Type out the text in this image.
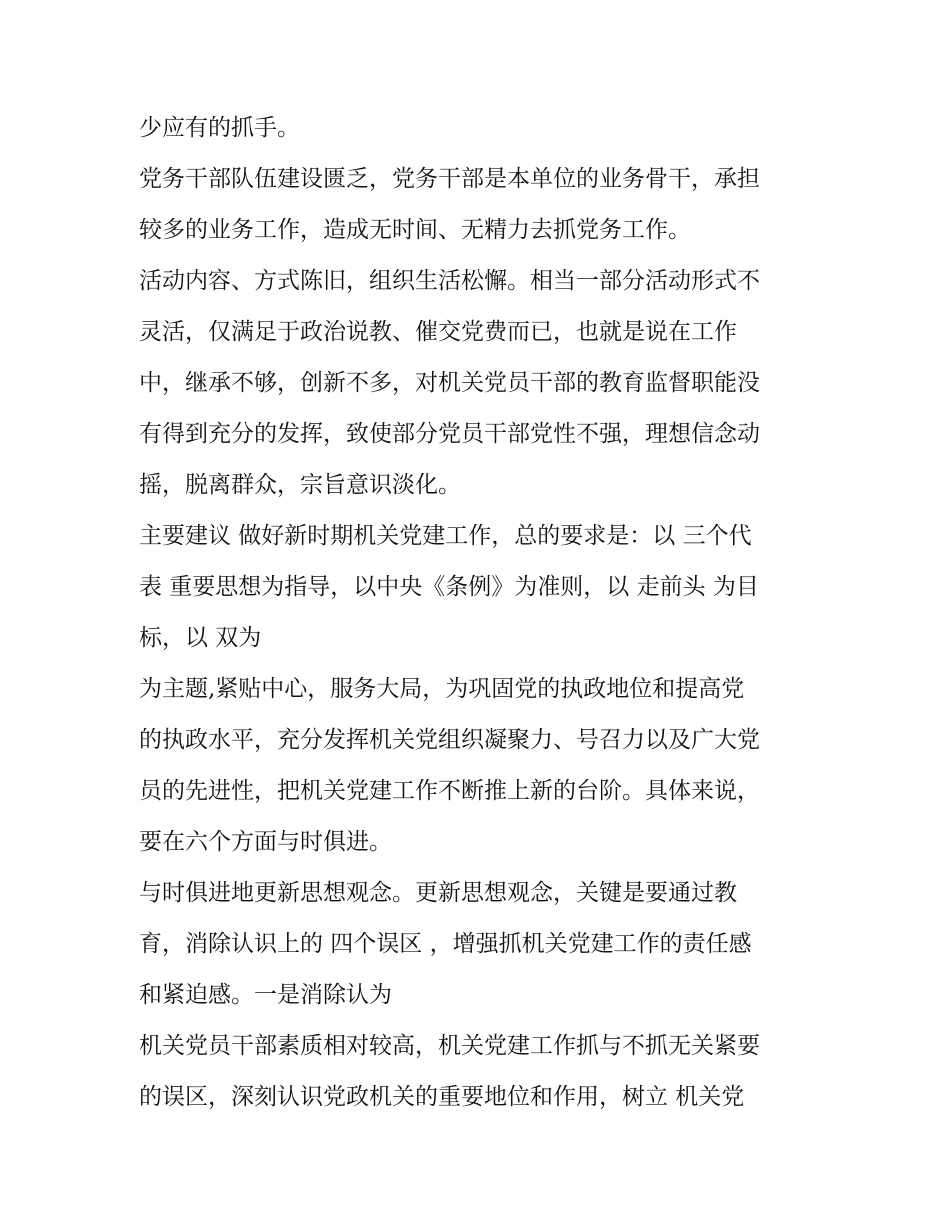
少应有的抓手。
党务干部队伍建设匮乏，党务干部是本单位的业务骨干，承担
较多的业务工作，造成无时间、无精力去抓党务工作。
活动内容、方式陈旧，组织生活松懈。相当一部分活动形式不
灵活，仅满足于政治说教、催交党费而已，也就是说在工作
中，继承不够，创新不多，对机关党员干部的教育监督职能没
有得到充分的发挥，致使部分党员干部党性不强，理想信念动
摇，脱离群众，宗旨意识淡化。
主要建议 做好新时期机关党建工作，总的要求是：以 三个代
表 重要思想为指导，以中央《条例》为准则，以 走前头 为目
标，以 双为
为主题,紧贴中心，服务大局，为巩固党的执政地位和提高党
的执政水平，充分发挥机关党组织凝聚力、号召力以及广大党
员的先进性，把机关党建工作不断推上新的台阶。具体来说，
要在六个方面与时俱进。
与时俱进地更新思想观念。更新思想观念，关键是要通过教
育，消除认识上的 四个误区 ，增强抓机关党建工作的责任感
和紧迫感。一是消除认为
机关党员干部素质相对较高，机关党建工作抓与不抓无关紧要
的误区，深刻认识党政机关的重要地位和作用，树立 机关党
